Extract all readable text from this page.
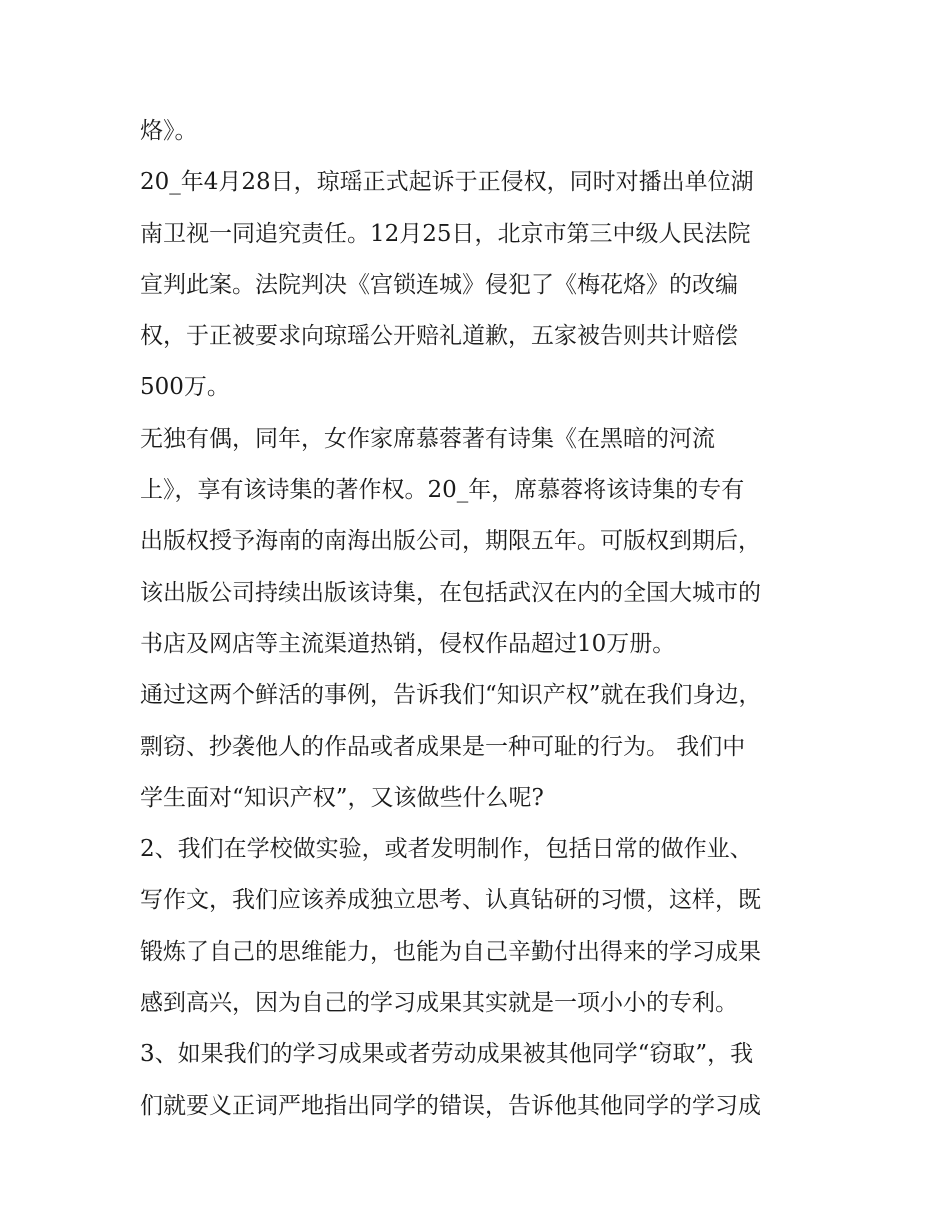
烙》。
20_年4月28日，琼瑶正式起诉于正侵权，同时对播出单位湖
南卫视一同追究责任。12月25日，北京市第三中级人民法院
宣判此案。法院判决《宫锁连城》侵犯了《梅花烙》的改编
权，于正被要求向琼瑶公开赔礼道歉，五家被告则共计赔偿
500万。
无独有偶，同年，女作家席慕蓉著有诗集《在黑暗的河流
上》，享有该诗集的著作权。20_年，席慕蓉将该诗集的专有
出版权授予海南的南海出版公司，期限五年。可版权到期后，
该出版公司持续出版该诗集，在包括武汉在内的全国大城市的
书店及网店等主流渠道热销，侵权作品超过10万册。
通过这两个鲜活的事例，告诉我们“知识产权”就在我们身边，
剽窃、抄袭他人的作品或者成果是一种可耻的行为。 我们中
学生面对“知识产权”，又该做些什么呢?
2、我们在学校做实验，或者发明制作，包括日常的做作业、
写作文，我们应该养成独立思考、认真钻研的习惯，这样，既
锻炼了自己的思维能力，也能为自己辛勤付出得来的学习成果
感到高兴，因为自己的学习成果其实就是一项小小的专利。
3、如果我们的学习成果或者劳动成果被其他同学“窃取”，我
们就要义正词严地指出同学的错误，告诉他其他同学的学习成
